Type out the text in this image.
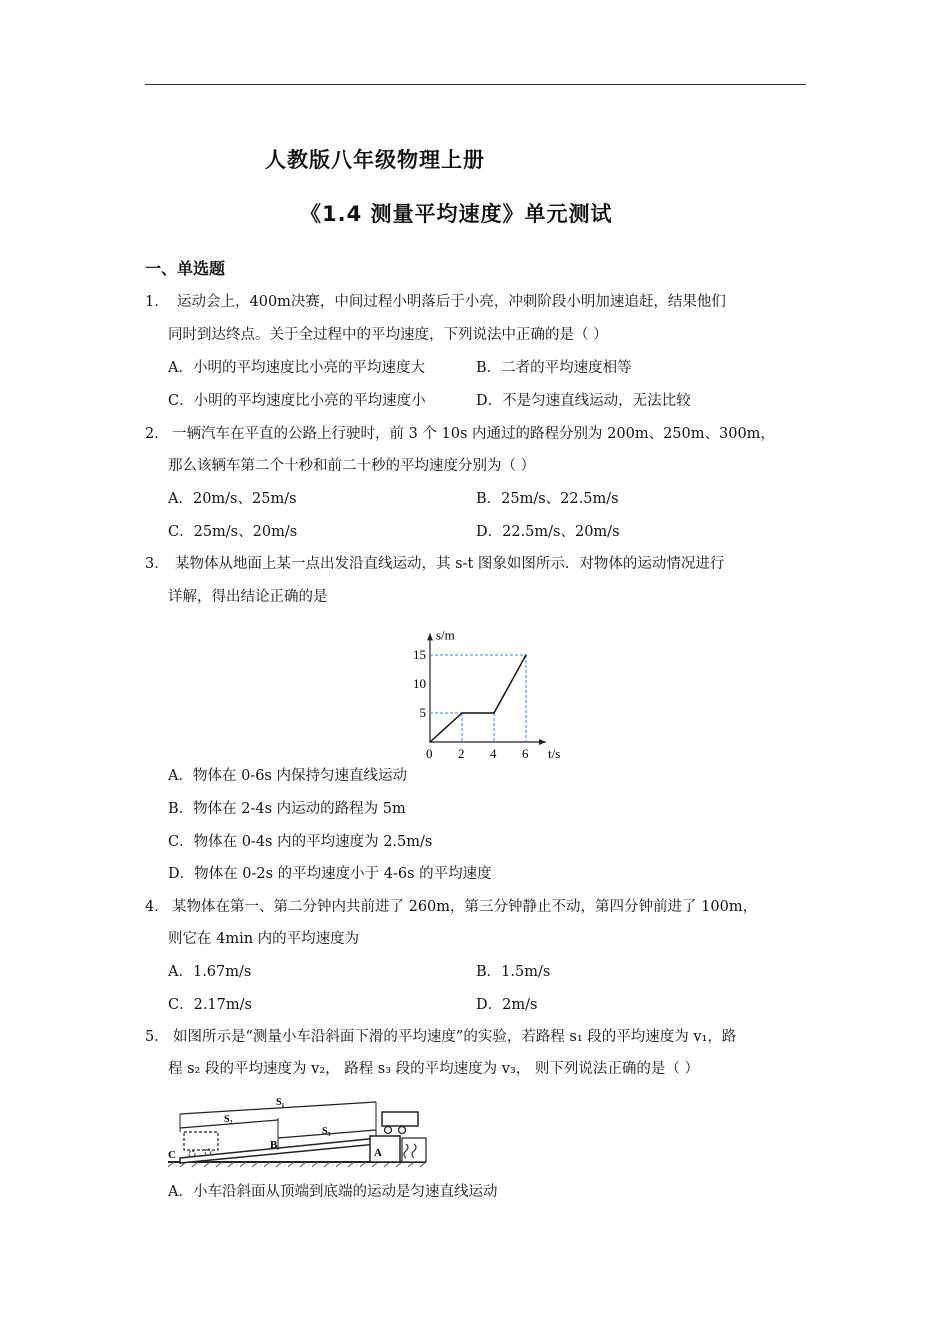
人教版八年级物理上册
《1.4 测量平均速度》单元测试
一、单选题
1． 运动会上，400m决赛，中间过程小明落后于小亮，冲刺阶段小明加速追赶，结果他们
同时到达终点。关于全过程中的平均速度，下列说法中正确的是（ ）
A．小明的平均速度比小亮的平均速度大	B．二者的平均速度相等
C．小明的平均速度比小亮的平均速度小	D．不是匀速直线运动，无法比较
2． 一辆汽车在平直的公路上行驶时，前 3 个 10s 内通过的路程分别为 200m、250m、300m，
那么该辆车第二个十秒和前二十秒的平均速度分别为（ ）
A．20m/s、25m/s	B．25m/s、22.5m/s
C．25m/s、20m/s	D．22.5m/s、20m/s
3． 某物体从地面上某一点出发沿直线运动，其 s-t 图象如图所示．对物体的运动情况进行
详解，得出结论正确的是
s/m
t/s
0 2 4 6
5
10
15
A．物体在 0-6s 内保持匀速直线运动
B．物体在 2-4s 内运动的路程为 5m
C．物体在 0-4s 内的平均速度为 2.5m/s
D．物体在 0-2s 的平均速度小于 4-6s 的平均速度
4． 某物体在第一、第二分钟内共前进了 260m，第三分钟静止不动，第四分钟前进了 100m，
则它在 4min 内的平均速度为
A．1.67m/s	B．1.5m/s
C．2.17m/s	D．2m/s
5． 如图所示是“测量小车沿斜面下滑的平均速度”的实验，若路程 s₁ 段的平均速度为 v₁，路
程 s₂ 段的平均速度为 v₂， 路程 s₃ 段的平均速度为 v₃， 则下列说法正确的是（ ）
S₁
S₂
S₃
A
B
C
A．小车沿斜面从顶端到底端的运动是匀速直线运动
